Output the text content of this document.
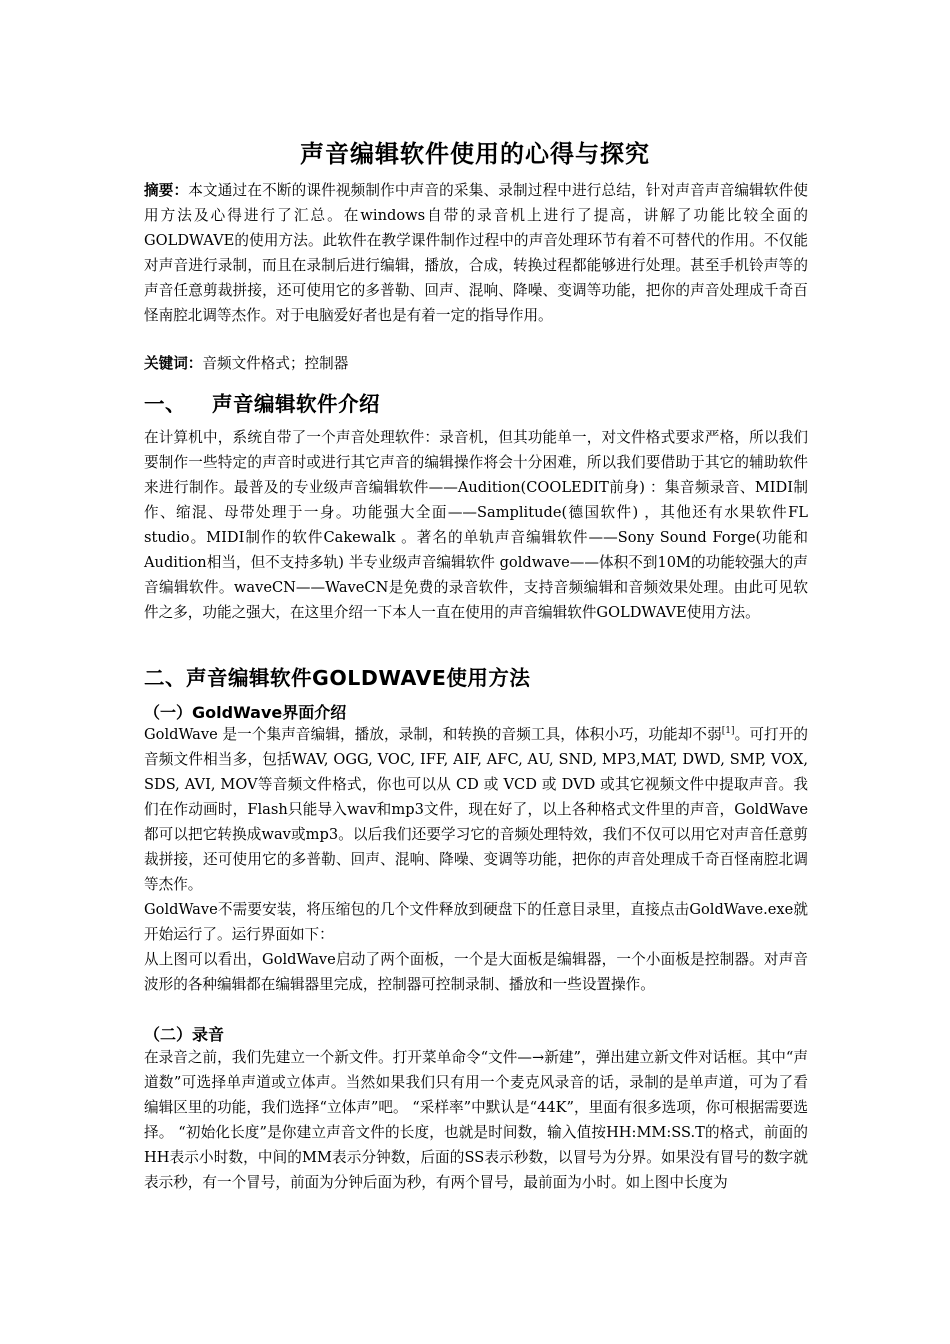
声音编辑软件使用的心得与探究

摘要：本文通过在不断的课件视频制作中声音的采集、录制过程中进行总结，针对声音声音编辑软件使用方法及心得进行了汇总。在windows自带的录音机上进行了提高，讲解了功能比较全面的GOLDWAVE的使用方法。此软件在教学课件制作过程中的声音处理环节有着不可替代的作用。不仅能对声音进行录制，而且在录制后进行编辑，播放，合成，转换过程都能够进行处理。甚至手机铃声等的声音任意剪裁拼接，还可使用它的多普勒、回声、混响、降噪、变调等功能，把你的声音处理成千奇百怪南腔北调等杰作。对于电脑爱好者也是有着一定的指导作用。

关键词：音频文件格式；控制器

一、 声音编辑软件介绍

在计算机中，系统自带了一个声音处理软件：录音机，但其功能单一，对文件格式要求严格，所以我们要制作一些特定的声音时或进行其它声音的编辑操作将会十分困难，所以我们要借助于其它的辅助软件来进行制作。最普及的专业级声音编辑软件——Audition(COOLEDIT前身) ：集音频录音、MIDI制作、缩混、母带处理于一身。功能强大全面——Samplitude(德国软件) ，其他还有水果软件FL studio。MIDI制作的软件Cakewalk 。著名的单轨声音编辑软件——Sony Sound Forge(功能和Audition相当，但不支持多轨) 半专业级声音编辑软件 goldwave——体积不到10M的功能较强大的声音编辑软件。waveCN——WaveCN是免费的录音软件，支持音频编辑和音频效果处理。由此可见软件之多，功能之强大，在这里介绍一下本人一直在使用的声音编辑软件GOLDWAVE使用方法。

二、声音编辑软件GOLDWAVE使用方法
（一）GoldWave界面介绍

GoldWave 是一个集声音编辑，播放，录制，和转换的音频工具，体积小巧，功能却不弱[1]。可打开的音频文件相当多，包括WAV, OGG, VOC, IFF, AIF, AFC, AU, SND, MP3,MAT, DWD, SMP, VOX, SDS, AVI, MOV等音频文件格式，你也可以从 CD 或 VCD 或 DVD 或其它视频文件中提取声音。我们在作动画时，Flash只能导入wav和mp3文件，现在好了，以上各种格式文件里的声音，GoldWave都可以把它转换成wav或mp3。以后我们还要学习它的音频处理特效，我们不仅可以用它对声音任意剪裁拼接，还可使用它的多普勒、回声、混响、降噪、变调等功能，把你的声音处理成千奇百怪南腔北调等杰作。

GoldWave不需要安装，将压缩包的几个文件释放到硬盘下的任意目录里，直接点击GoldWave.exe就开始运行了。运行界面如下：

从上图可以看出，GoldWave启动了两个面板，一个是大面板是编辑器，一个小面板是控制器。对声音波形的各种编辑都在编辑器里完成，控制器可控制录制、播放和一些设置操作。

（二）录音

在录音之前，我们先建立一个新文件。打开菜单命令“文件—→新建”，弹出建立新文件对话框。其中“声道数”可选择单声道或立体声。当然如果我们只有用一个麦克风录音的话，录制的是单声道，可为了看编辑区里的功能，我们选择“立体声”吧。 “采样率”中默认是“44K”，里面有很多选项，你可根据需要选择。 “初始化长度”是你建立声音文件的长度，也就是时间数，输入值按HH:MM:SS.T的格式，前面的HH表示小时数，中间的MM表示分钟数，后面的SS表示秒数，以冒号为分界。如果没有冒号的数字就表示秒，有一个冒号，前面为分钟后面为秒，有两个冒号，最前面为小时。如上图中长度为
